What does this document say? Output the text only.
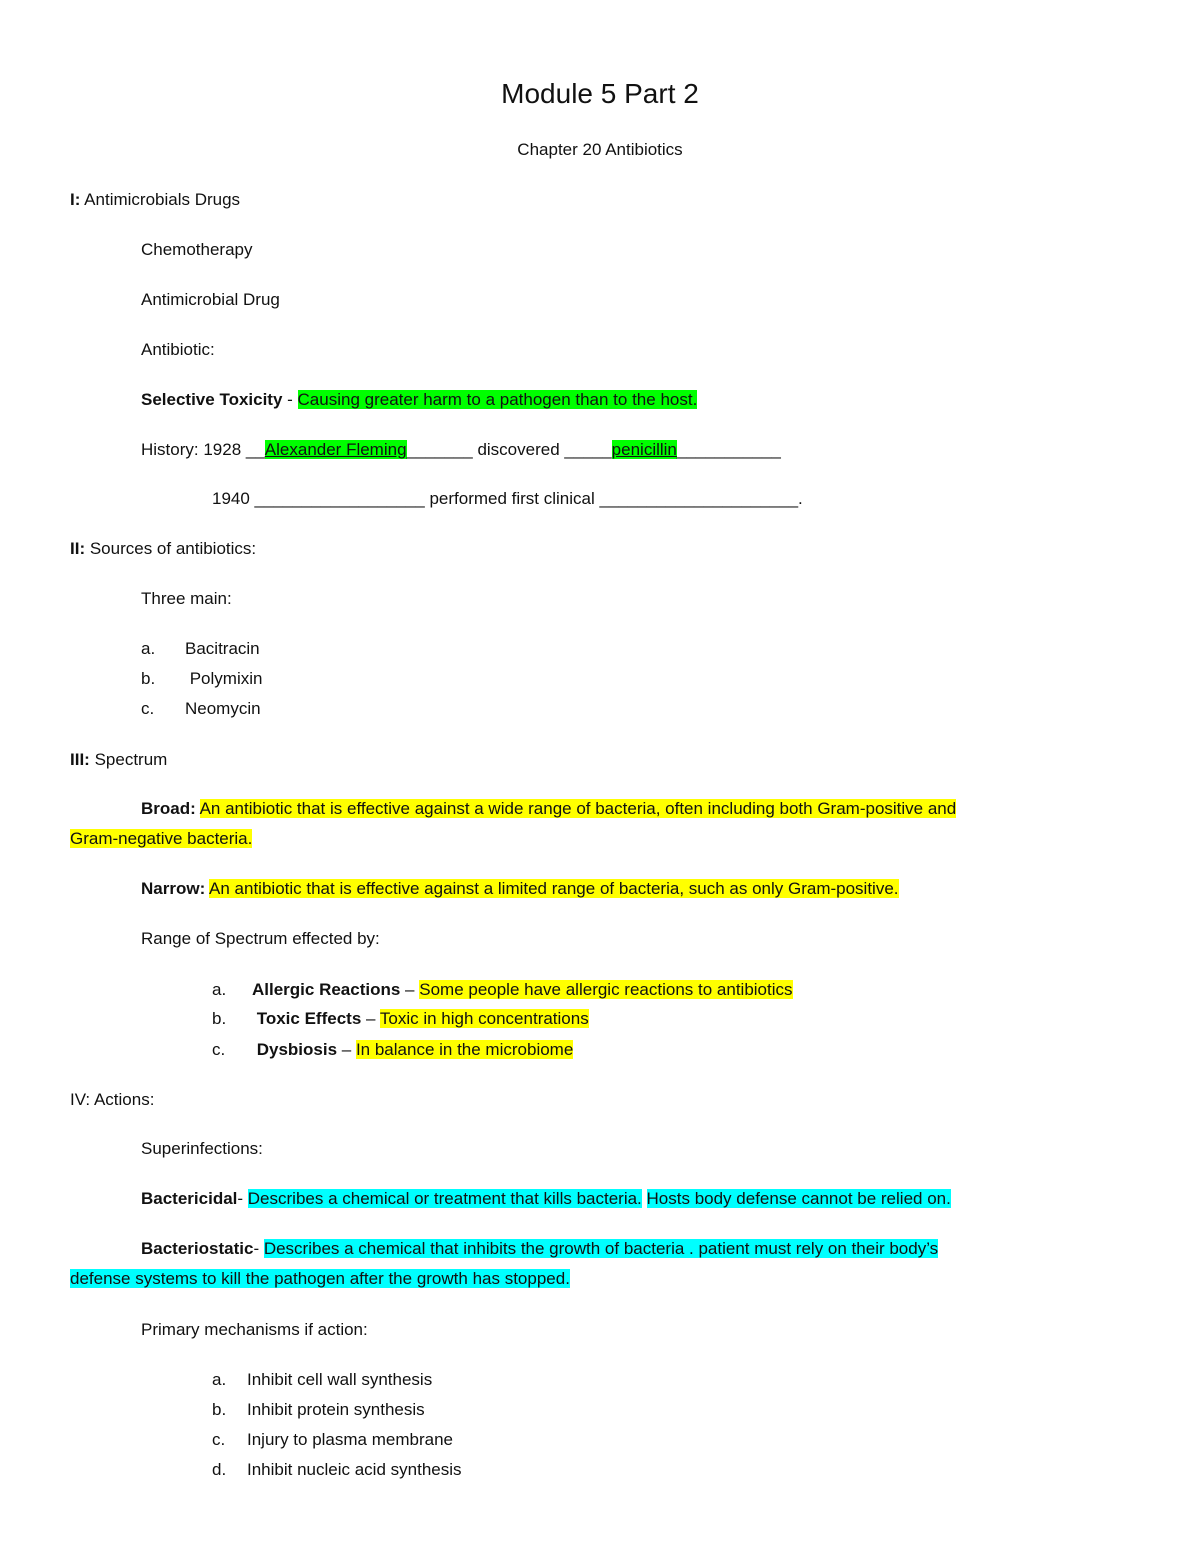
Module 5 Part 2
Chapter 20 Antibiotics
I: Antimicrobials Drugs
Chemotherapy
Antimicrobial Drug
Antibiotic:
Selective Toxicity - Causing greater harm to a pathogen than to the host.
History: 1928 __Alexander Fleming_______ discovered _____penicillin___________
1940 __________________ performed first clinical _____________________.
II: Sources of antibiotics:
Three main:
a. Bacitracin
b. Polymixin
c. Neomycin
III: Spectrum
Broad: An antibiotic that is effective against a wide range of bacteria, often including both Gram-positive and
Gram-negative bacteria.
Narrow: An antibiotic that is effective against a limited range of bacteria, such as only Gram-positive.
Range of Spectrum effected by:
a. Allergic Reactions – Some people have allergic reactions to antibiotics
b. Toxic Effects – Toxic in high concentrations
c. Dysbiosis – In balance in the microbiome
IV: Actions:
Superinfections:
Bactericidal- Describes a chemical or treatment that kills bacteria. Hosts body defense cannot be relied on.
Bacteriostatic- Describes a chemical that inhibits the growth of bacteria . patient must rely on their body’s
defense systems to kill the pathogen after the growth has stopped.
Primary mechanisms if action:
a. Inhibit cell wall synthesis
b. Inhibit protein synthesis
c. Injury to plasma membrane
d. Inhibit nucleic acid synthesis
